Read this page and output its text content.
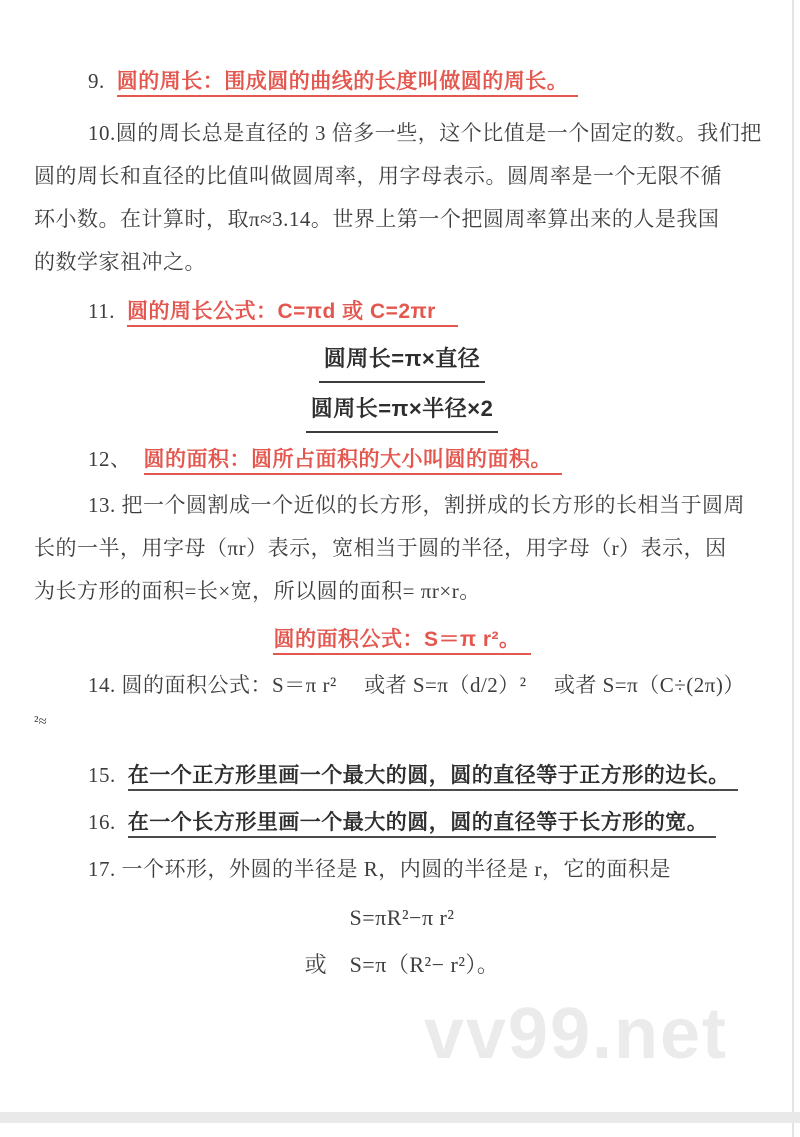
9. 圆的周长：围成圆的曲线的长度叫做圆的周长。
10.圆的周长总是直径的 3 倍多一些，这个比值是一个固定的数。我们把
圆的周长和直径的比值叫做圆周率，用字母表示。圆周率是一个无限不循
环小数。在计算时，取π≈3.14。世界上第一个把圆周率算出来的人是我国
的数学家祖冲之。
11. 圆的周长公式：C=πd 或 C=2πr
圆周长=π×直径
圆周长=π×半径×2
12、 圆的面积：圆所占面积的大小叫圆的面积。
13. 把一个圆割成一个近似的长方形，割拼成的长方形的长相当于圆周
长的一半，用字母（πr）表示，宽相当于圆的半径，用字母（r）表示，因
为长方形的面积=长×宽，所以圆的面积= πr×r。
圆的面积公式：S＝π r²。
14. 圆的面积公式：S＝π r²　 或者 S=π（d/2）²　 或者 S=π（C÷(2π)）
²≈
15. 在一个正方形里画一个最大的圆，圆的直径等于正方形的边长。
16. 在一个长方形里画一个最大的圆，圆的直径等于长方形的宽。
17. 一个环形，外圆的半径是 R，内圆的半径是 r，它的面积是
S=πR²−π r²
或　S=π（R²− r²）。
vv99.net
